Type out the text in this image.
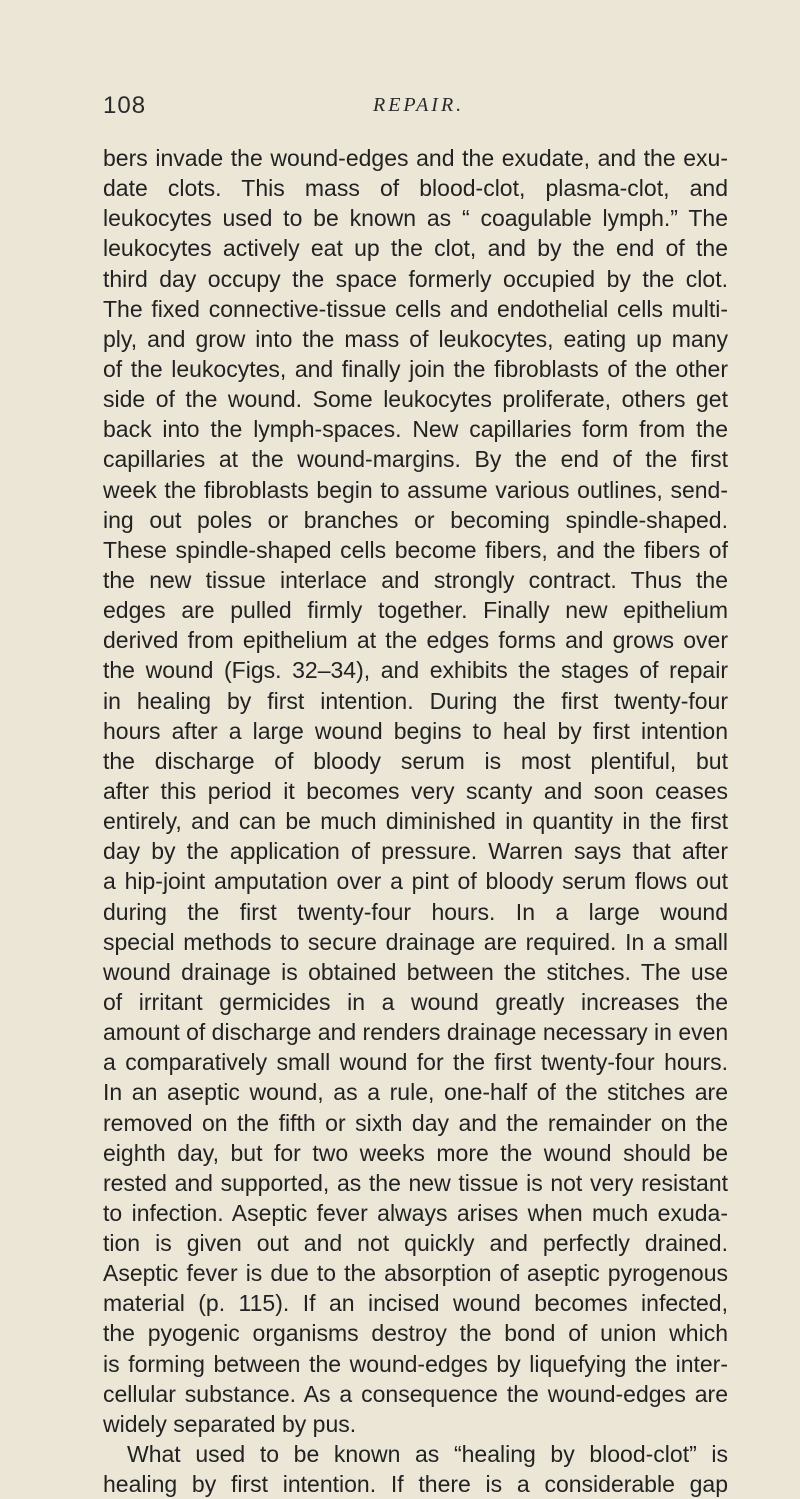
108	REPAIR.
bers invade the wound-edges and the exudate, and the exu-
date clots. This mass of blood-clot, plasma-clot, and
leukocytes used to be known as “ coagulable lymph.” The
leukocytes actively eat up the clot, and by the end of the
third day occupy the space formerly occupied by the clot.
The fixed connective-tissue cells and endothelial cells multi-
ply, and grow into the mass of leukocytes, eating up many
of the leukocytes, and finally join the fibroblasts of the other
side of the wound. Some leukocytes proliferate, others get
back into the lymph-spaces. New capillaries form from the
capillaries at the wound-margins. By the end of the first
week the fibroblasts begin to assume various outlines, send-
ing out poles or branches or becoming spindle-shaped.
These spindle-shaped cells become fibers, and the fibers of
the new tissue interlace and strongly contract. Thus the
edges are pulled firmly together. Finally new epithelium
derived from epithelium at the edges forms and grows over
the wound (Figs. 32–34), and exhibits the stages of repair
in healing by first intention. During the first twenty-four
hours after a large wound begins to heal by first intention
the discharge of bloody serum is most plentiful, but
after this period it becomes very scanty and soon ceases
entirely, and can be much diminished in quantity in the first
day by the application of pressure. Warren says that after
a hip-joint amputation over a pint of bloody serum flows out
during the first twenty-four hours. In a large wound
special methods to secure drainage are required. In a small
wound drainage is obtained between the stitches. The use
of irritant germicides in a wound greatly increases the
amount of discharge and renders drainage necessary in even
a comparatively small wound for the first twenty-four hours.
In an aseptic wound, as a rule, one-half of the stitches are
removed on the fifth or sixth day and the remainder on the
eighth day, but for two weeks more the wound should be
rested and supported, as the new tissue is not very resistant
to infection. Aseptic fever always arises when much exuda-
tion is given out and not quickly and perfectly drained.
Aseptic fever is due to the absorption of aseptic pyrogenous
material (p. 115). If an incised wound becomes infected,
the pyogenic organisms destroy the bond of union which
is forming between the wound-edges by liquefying the inter-
cellular substance. As a consequence the wound-edges are
widely separated by pus.
What used to be known as “healing by blood-clot” is
healing by first intention. If there is a considerable gap
